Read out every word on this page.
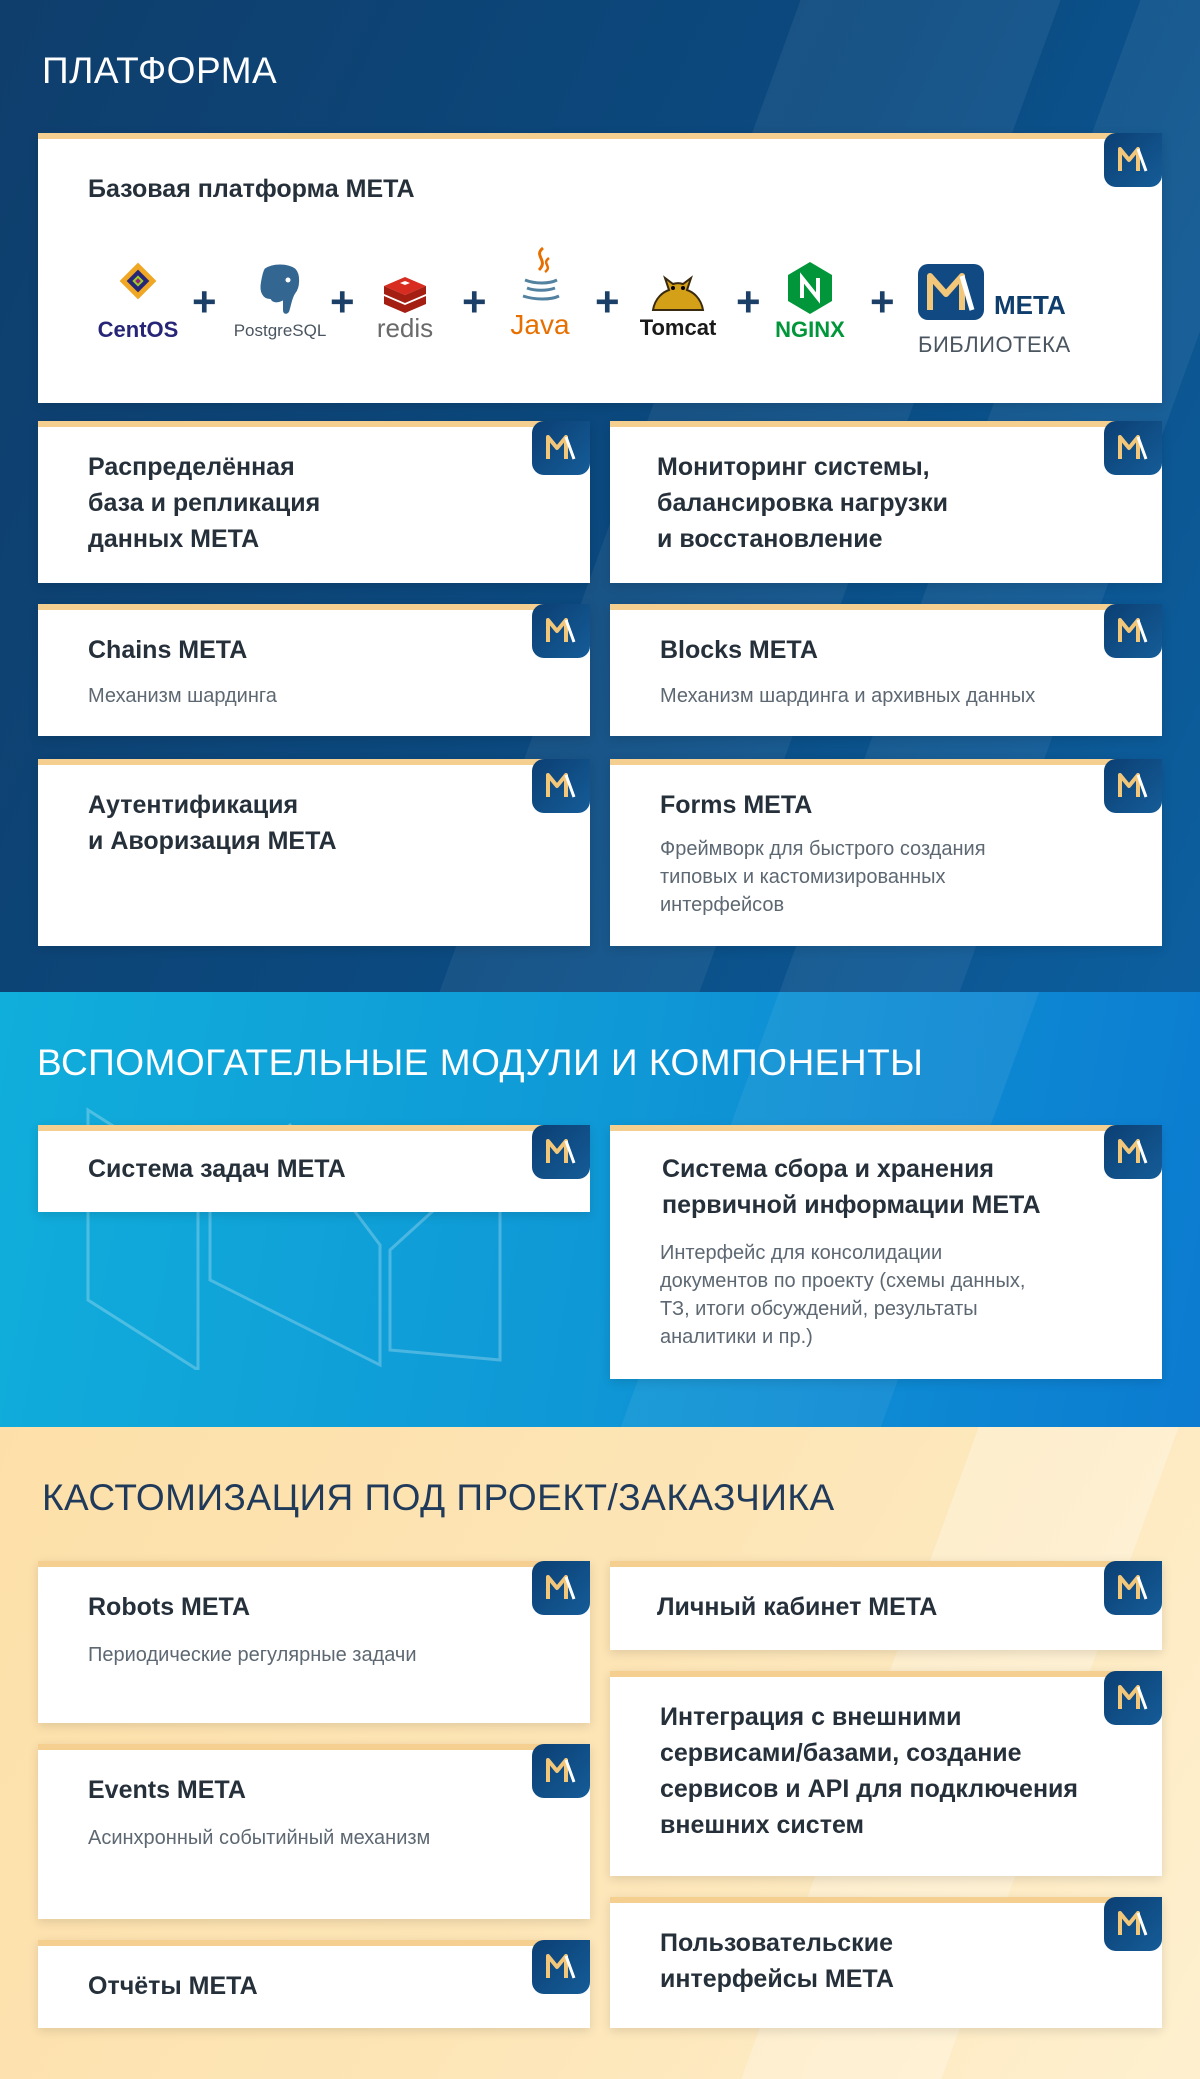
ПЛАТФОРМА
Базовая платформа META
CentOS
+
PostgreSQL
+
redis
+ Java +
Tomcat
+
NGINX
+	META
БИБЛИОТЕКА
Распределённая
база и репликация
данных META
Мониторинг системы,
балансировка нагрузки
и восстановление
Chains META

Механизм шардинга

Blocks META

Механизм шардинга и архивных данных

Аутентификация
и Аворизация META
Forms META

Фреймворк для быстрого создания
типовых и кастомизированных
интерфейсов

ВСПОМОГАТЕЛЬНЫЕ МОДУЛИ И КОМПОНЕНТЫ
Система задач META	Система сбора и хранения
первичной информации META

Интерфейс для консолидации
документов по проекту (схемы данных,
ТЗ, итоги обсуждений, результаты
аналитики и пр.)

КАСТОМИЗАЦИЯ ПОД ПРОЕКТ/ЗАКАЗЧИКА
Robots META

Периодические регулярные задачи

Личный кабинет META
Events META

Асинхронный событийный механизм

Интеграция с внешними
сервисами/базами, создание
сервисов и API для подключения
внешних систем
Отчёты META
Пользовательские
интерфейсы META
